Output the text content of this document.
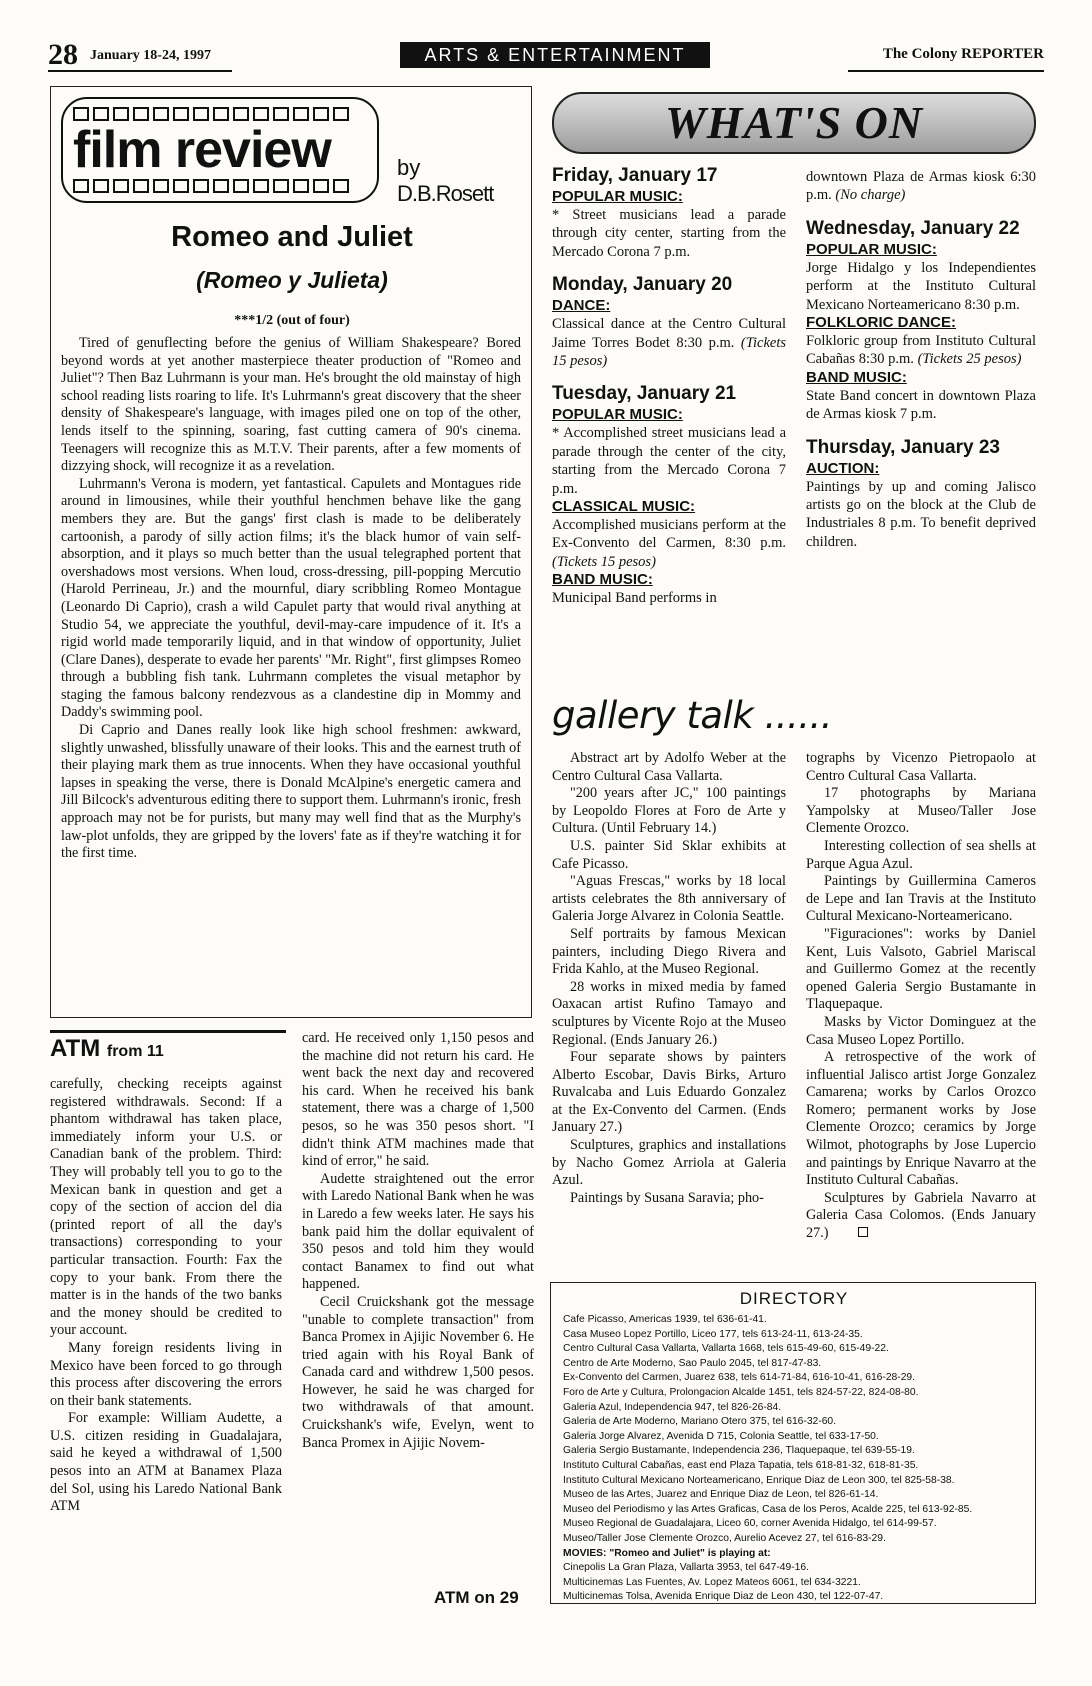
28 January 18-24, 1997	ARTS & ENTERTAINMENT	The Colony REPORTER
film review	by
D.B.Rosett
Romeo and Juliet
(Romeo y Julieta)
***1/2 (out of four)

Tired of genuflecting before the genius of William Shakespeare? Bored beyond words at yet another masterpiece theater production of "Romeo and Juliet"? Then Baz Luhrmann is your man. He's brought the old mainstay of high school reading lists roaring to life. It's Luhrmann's great discovery that the sheer density of Shakespeare's language, with images piled one on top of the other, lends itself to the spinning, soaring, fast cutting camera of 90's cinema. Teenagers will recognize this as M.T.V. Their parents, after a few moments of dizzying shock, will recognize it as a revelation.

Luhrmann's Verona is modern, yet fantastical. Capulets and Montagues ride around in limousines, while their youthful henchmen behave like the gang members they are. But the gangs' first clash is made to be deliberately cartoonish, a parody of silly action films; it's the black humor of vain self-absorption, and it plays so much better than the usual telegraphed portent that overshadows most versions. When loud, cross-dressing, pill-popping Mercutio (Harold Perrineau, Jr.) and the mournful, diary scribbling Romeo Montague (Leonardo Di Caprio), crash a wild Capulet party that would rival anything at Studio 54, we appreciate the youthful, devil-may-care impudence of it. It's a rigid world made temporarily liquid, and in that window of opportunity, Juliet (Clare Danes), desperate to evade her parents' "Mr. Right", first glimpses Romeo through a bubbling fish tank. Luhrmann completes the visual metaphor by staging the famous balcony rendezvous as a clandestine dip in Mommy and Daddy's swimming pool.

Di Caprio and Danes really look like high school freshmen: awkward, slightly unwashed, blissfully unaware of their looks. This and the earnest truth of their playing mark them as true innocents. When they have occasional youthful lapses in speaking the verse, there is Donald McAlpine's energetic camera and Jill Bilcock's adventurous editing there to support them. Luhrmann's ironic, fresh approach may not be for purists, but many may well find that as the Murphy's law-plot unfolds, they are gripped by the lovers' fate as if they're watching it for the first time.

ATM from 11

carefully, checking receipts against registered withdrawals. Second: If a phantom withdrawal has taken place, immediately inform your U.S. or Canadian bank of the problem. Third: They will probably tell you to go to the Mexican bank in question and get a copy of the section of accion del dia (printed report of all the day's transactions) corresponding to your particular transaction. Fourth: Fax the copy to your bank. From there the matter is in the hands of the two banks and the money should be credited to your account.

Many foreign residents living in Mexico have been forced to go through this process after discovering the errors on their bank statements.

For example: William Audette, a U.S. citizen residing in Guadalajara, said he keyed a withdrawal of 1,500 pesos into an ATM at Banamex Plaza del Sol, using his Laredo National Bank ATM

card. He received only 1,150 pesos and the machine did not return his card. He went back the next day and recovered his card. When he received his bank statement, there was a charge of 1,500 pesos, so he was 350 pesos short. "I didn't think ATM machines made that kind of error," he said.

Audette straightened out the error with Laredo National Bank when he was in Laredo a few weeks later. He says his bank paid him the dollar equivalent of 350 pesos and told him they would contact Banamex to find out what happened.

Cecil Cruickshank got the message "unable to complete transaction" from Banca Promex in Ajijic November 6. He tried again with his Royal Bank of Canada card and withdrew 1,500 pesos. However, he said he was charged for two withdrawals of that amount. Cruickshank's wife, Evelyn, went to Banca Promex in Ajijic Novem-

ATM on 29
WHAT'S ON
Friday, January 17
POPULAR MUSIC:
* Street musicians lead a parade through city center, starting from the Mercado Corona 7 p.m.
Monday, January 20
DANCE:
Classical dance at the Centro Cultural Jaime Torres Bodet 8:30 p.m. (Tickets 15 pesos)
Tuesday, January 21
POPULAR MUSIC:
* Accomplished street musicians lead a parade through the center of the city, starting from the Mercado Corona 7 p.m.
CLASSICAL MUSIC:
Accomplished musicians perform at the Ex-Convento del Carmen, 8:30 p.m. (Tickets 15 pesos)
BAND MUSIC:
Municipal Band performs in
downtown Plaza de Armas kiosk 6:30 p.m. (No charge)
Wednesday, January 22
POPULAR MUSIC:
Jorge Hidalgo y los Independientes perform at the Instituto Cultural Mexicano Norteamericano 8:30 p.m.
FOLKLORIC DANCE:
Folkloric group from Instituto Cultural Cabañas 8:30 p.m. (Tickets 25 pesos)
BAND MUSIC:
State Band concert in downtown Plaza de Armas kiosk 7 p.m.
Thursday, January 23
AUCTION:
Paintings by up and coming Jalisco artists go on the block at the Club de Industriales 8 p.m. To benefit deprived children.
gallery talk ......

Abstract art by Adolfo Weber at the Centro Cultural Casa Vallarta.

"200 years after JC," 100 paintings by Leopoldo Flores at Foro de Arte y Cultura. (Until February 14.)

U.S. painter Sid Sklar exhibits at Cafe Picasso.

"Aguas Frescas," works by 18 local artists celebrates the 8th anniversary of Galeria Jorge Alvarez in Colonia Seattle.

Self portraits by famous Mexican painters, including Diego Rivera and Frida Kahlo, at the Museo Regional.

28 works in mixed media by famed Oaxacan artist Rufino Tamayo and sculptures by Vicente Rojo at the Museo Regional. (Ends January 26.)

Four separate shows by painters Alberto Escobar, Davis Birks, Arturo Ruvalcaba and Luis Eduardo Gonzalez at the Ex-Convento del Carmen. (Ends January 27.)

Sculptures, graphics and installations by Nacho Gomez Arriola at Galeria Azul.

Paintings by Susana Saravia; pho-

tographs by Vicenzo Pietropaolo at Centro Cultural Casa Vallarta.

17 photographs by Mariana Yampolsky at Museo/Taller Jose Clemente Orozco.

Interesting collection of sea shells at Parque Agua Azul.

Paintings by Guillermina Cameros de Lepe and Ian Travis at the Instituto Cultural Mexicano-Norteamericano.

"Figuraciones": works by Daniel Kent, Luis Valsoto, Gabriel Mariscal and Guillermo Gomez at the recently opened Galeria Sergio Bustamante in Tlaquepaque.

Masks by Victor Dominguez at the Casa Museo Lopez Portillo.

A retrospective of the work of influential Jalisco artist Jorge Gonzalez Camarena; works by Carlos Orozco Romero; permanent works by Jose Clemente Orozco; ceramics by Jorge Wilmot, photographs by Jose Lupercio and paintings by Enrique Navarro at the Instituto Cultural Cabañas.

Sculptures by Gabriela Navarro at Galeria Casa Colomos. (Ends January 27.)

DIRECTORY
Cafe Picasso, Americas 1939, tel 636-61-41.
Casa Museo Lopez Portillo, Liceo 177, tels 613-24-11, 613-24-35.
Centro Cultural Casa Vallarta, Vallarta 1668, tels 615-49-60, 615-49-22.
Centro de Arte Moderno, Sao Paulo 2045, tel 817-47-83.
Ex-Convento del Carmen, Juarez 638, tels 614-71-84, 616-10-41, 616-28-29.
Foro de Arte y Cultura, Prolongacion Alcalde 1451, tels 824-57-22, 824-08-80.
Galeria Azul, Independencia 947, tel 826-26-84.
Galeria de Arte Moderno, Mariano Otero 375, tel 616-32-60.
Galeria Jorge Alvarez, Avenida D 715, Colonia Seattle, tel 633-17-50.
Galeria Sergio Bustamante, Independencia 236, Tlaquepaque, tel 639-55-19.
Instituto Cultural Cabañas, east end Plaza Tapatia, tels 618-81-32, 618-81-35.
Instituto Cultural Mexicano Norteamericano, Enrique Diaz de Leon 300, tel 825-58-38.
Museo de las Artes, Juarez and Enrique Diaz de Leon, tel 826-61-14.
Museo del Periodismo y las Artes Graficas, Casa de los Peros, Acalde 225, tel 613-92-85.
Museo Regional de Guadalajara, Liceo 60, corner Avenida Hidalgo, tel 614-99-57.
Museo/Taller Jose Clemente Orozco, Aurelio Acevez 27, tel 616-83-29.
MOVIES: "Romeo and Juliet" is playing at:
Cinepolis La Gran Plaza, Vallarta 3953, tel 647-49-16.
Multicinemas Las Fuentes, Av. Lopez Mateos 6061, tel 634-3221.
Multicinemas Tolsa, Avenida Enrique Diaz de Leon 430, tel 122-07-47.
